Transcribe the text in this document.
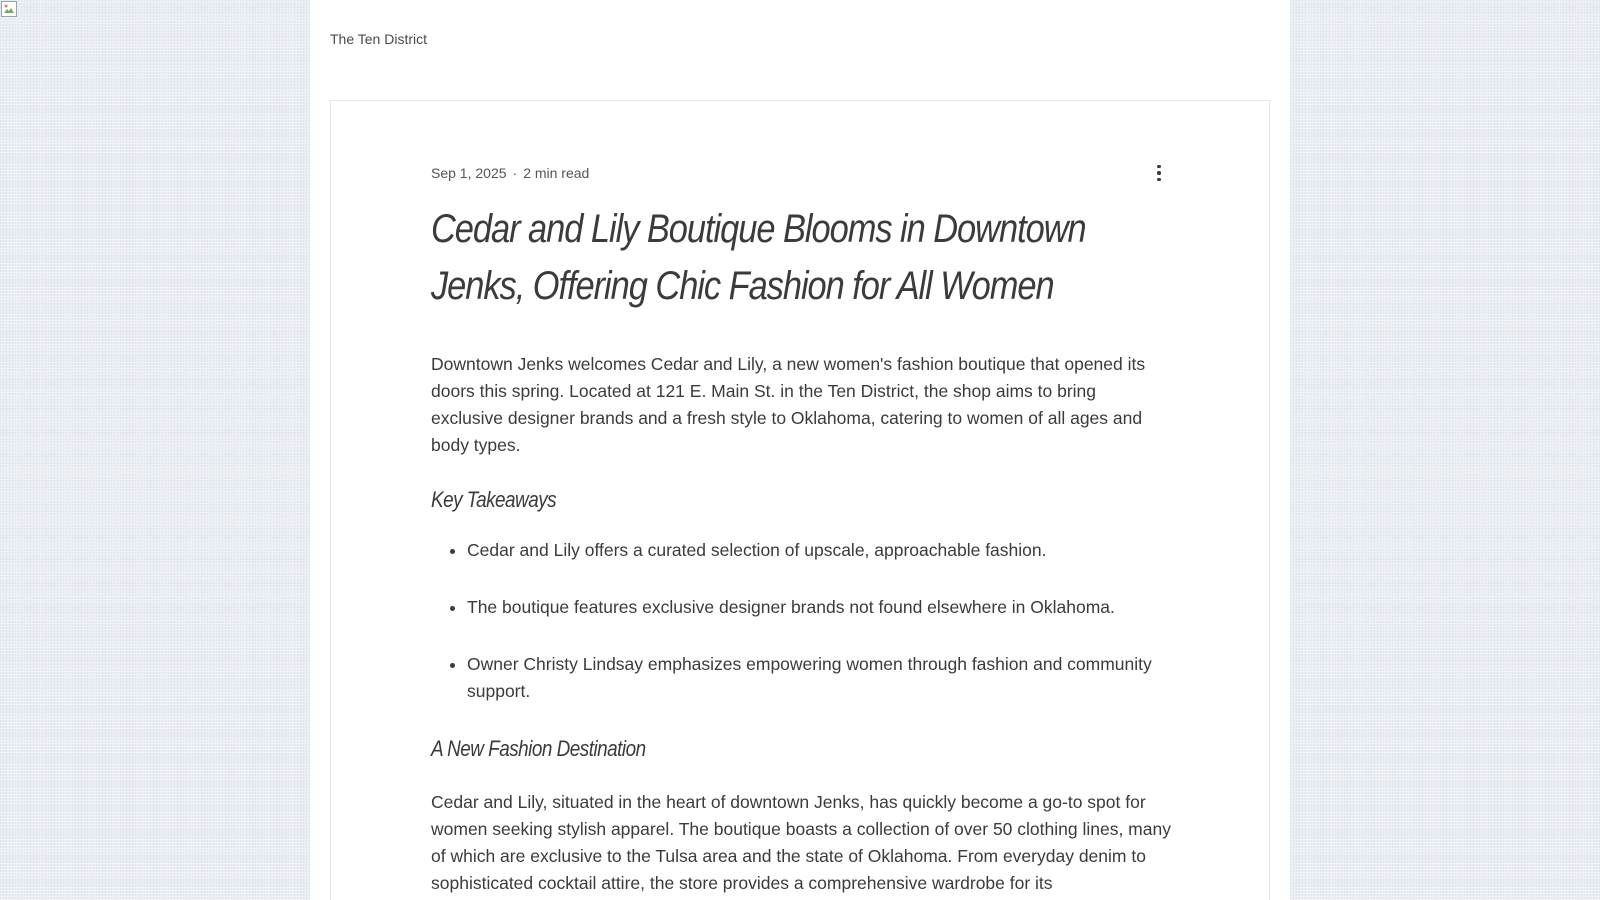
The Ten District
Sep 1, 2025 · 2 min read
Cedar and Lily Boutique Blooms in Downtown Jenks, Offering Chic Fashion for All Women

Downtown Jenks welcomes Cedar and Lily, a new women's fashion boutique that opened its doors this spring. Located at 121 E. Main St. in the Ten District, the shop aims to bring exclusive designer brands and a fresh style to Oklahoma, catering to women of all ages and body types.

Key Takeaways
• Cedar and Lily offers a curated selection of upscale, approachable fashion.
• The boutique features exclusive designer brands not found elsewhere in Oklahoma.
• Owner Christy Lindsay emphasizes empowering women through fashion and community support.
A New Fashion Destination

Cedar and Lily, situated in the heart of downtown Jenks, has quickly become a go-to spot for women seeking stylish apparel. The boutique boasts a collection of over 50 clothing lines, many of which are exclusive to the Tulsa area and the state of Oklahoma. From everyday denim to sophisticated cocktail attire, the store provides a comprehensive wardrobe for its
